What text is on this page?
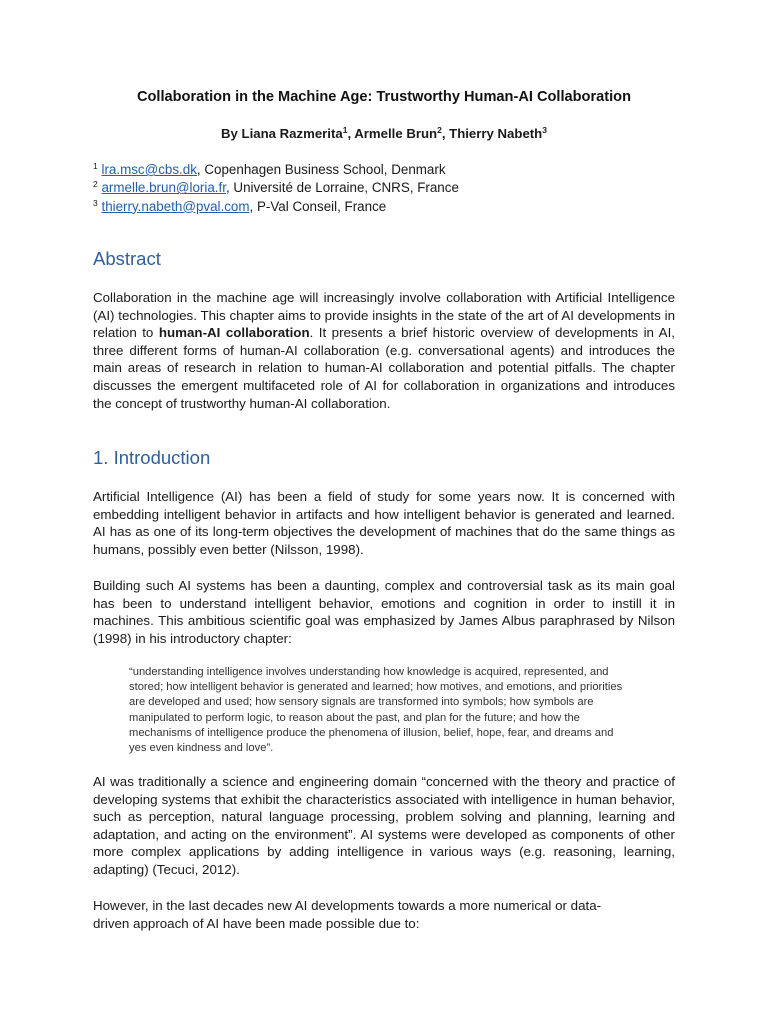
Collaboration in the Machine Age: Trustworthy Human-AI Collaboration
By Liana Razmerita$^1$, Armelle Brun$^2$, Thierry Nabeth$^3$
$^1$ lra.msc@cbs.dk, Copenhagen Business School, Denmark
$^2$ armelle.brun@loria.fr, Université de Lorraine, CNRS, France
$^3$ thierry.nabeth@pval.com, P-Val Conseil, France
Abstract
Collaboration in the machine age will increasingly involve collaboration with Artificial Intelligence (AI) technologies. This chapter aims to provide insights in the state of the art of AI developments in relation to human-AI collaboration. It presents a brief historic overview of developments in AI, three different forms of human-AI collaboration (e.g. conversational agents) and introduces the main areas of research in relation to human-AI collaboration and potential pitfalls. The chapter discusses the emergent multifaceted role of AI for collaboration in organizations and introduces the concept of trustworthy human-AI collaboration.
1. Introduction
Artificial Intelligence (AI) has been a field of study for some years now. It is concerned with embedding intelligent behavior in artifacts and how intelligent behavior is generated and learned. AI has as one of its long-term objectives the development of machines that do the same things as humans, possibly even better (Nilsson, 1998).
Building such AI systems has been a daunting, complex and controversial task as its main goal has been to understand intelligent behavior, emotions and cognition in order to instill it in machines. This ambitious scientific goal was emphasized by James Albus paraphrased by Nilson (1998) in his introductory chapter:
“understanding intelligence involves understanding how knowledge is acquired, represented, and stored; how intelligent behavior is generated and learned; how motives, and emotions, and priorities are developed and used; how sensory signals are transformed into symbols; how symbols are manipulated to perform logic, to reason about the past, and plan for the future; and how the mechanisms of intelligence produce the phenomena of illusion, belief, hope, fear, and dreams and yes even kindness and love”.
AI was traditionally a science and engineering domain “concerned with the theory and practice of developing systems that exhibit the characteristics associated with intelligence in human behavior, such as perception, natural language processing, problem solving and planning, learning and adaptation, and acting on the environment”. AI systems were developed as components of other more complex applications by adding intelligence in various ways (e.g. reasoning, learning, adapting) (Tecuci, 2012).
However, in the last decades new AI developments towards a more numerical or data-
driven approach of AI have been made possible due to:
